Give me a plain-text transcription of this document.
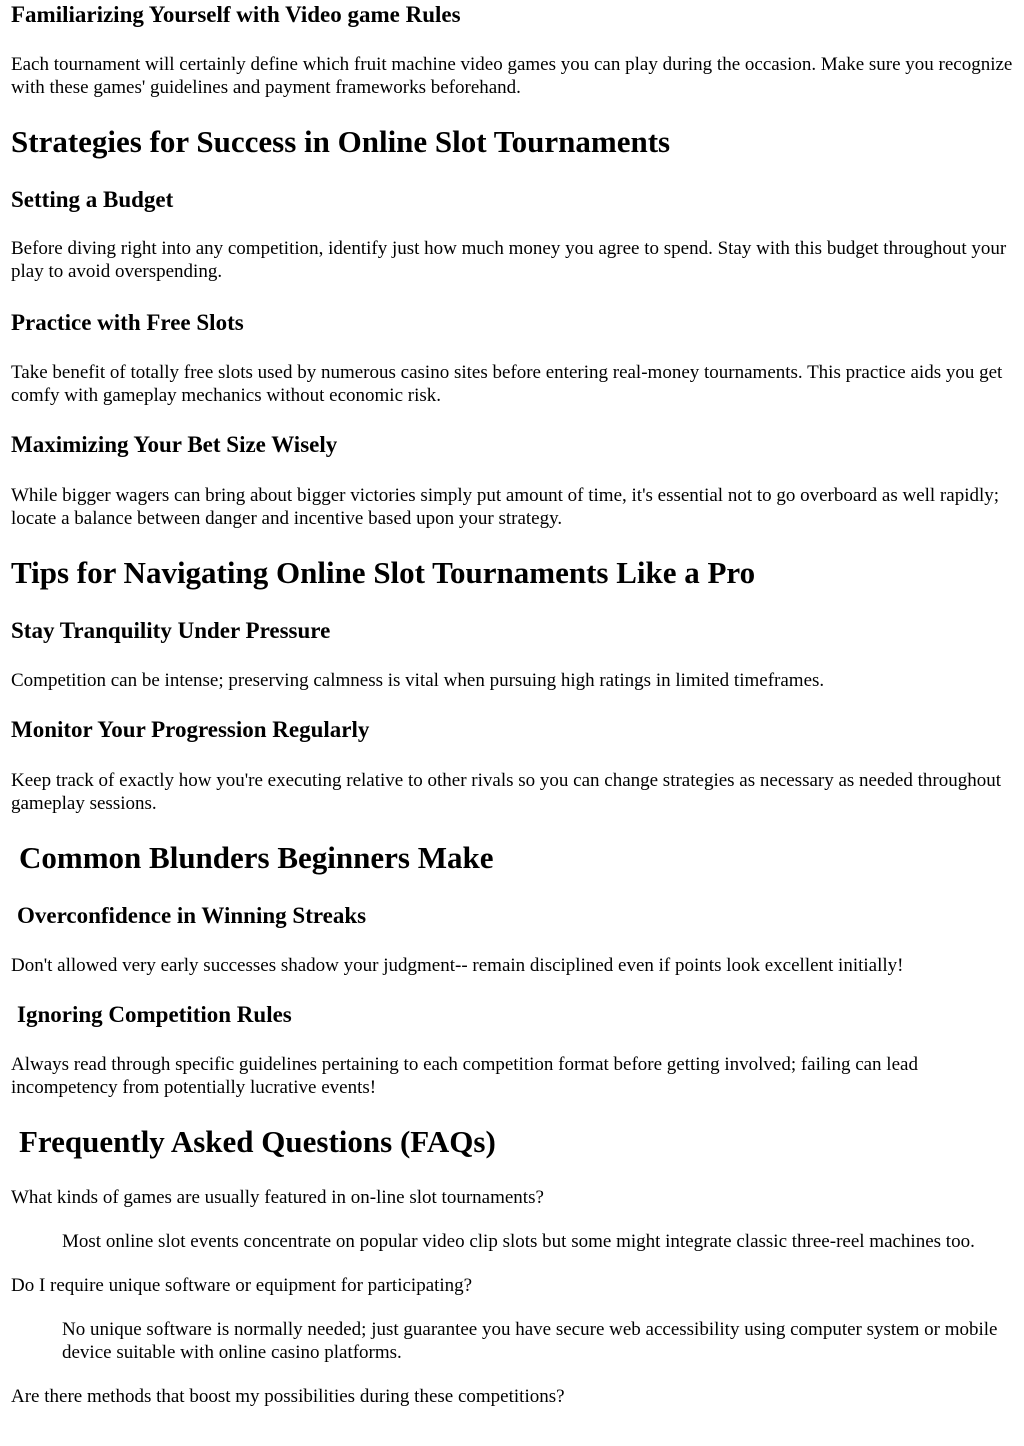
Familiarizing Yourself with Video game Rules

Each tournament will certainly define which fruit machine video games you can play during the occasion. Make sure you recognize with these games' guidelines and payment frameworks beforehand.

Strategies for Success in Online Slot Tournaments
Setting a Budget

Before diving right into any competition, identify just how much money you agree to spend. Stay with this budget throughout your play to avoid overspending.

Practice with Free Slots

Take benefit of totally free slots used by numerous casino sites before entering real-money tournaments. This practice aids you get comfy with gameplay mechanics without economic risk.

Maximizing Your Bet Size Wisely

While bigger wagers can bring about bigger victories simply put amount of time, it's essential not to go overboard as well rapidly; locate a balance between danger and incentive based upon your strategy.

Tips for Navigating Online Slot Tournaments Like a Pro
Stay Tranquility Under Pressure

Competition can be intense; preserving calmness is vital when pursuing high ratings in limited timeframes.

Monitor Your Progression Regularly

Keep track of exactly how you're executing relative to other rivals so you can change strategies as necessary as needed throughout gameplay sessions.

Common Blunders Beginners Make
Overconfidence in Winning Streaks

Don't allowed very early successes shadow your judgment-- remain disciplined even if points look excellent initially!

Ignoring Competition Rules

Always read through specific guidelines pertaining to each competition format before getting involved; failing can lead incompetency from potentially lucrative events!

Frequently Asked Questions (FAQs)
What kinds of games are usually featured in on-line slot tournaments?
Most online slot events concentrate on popular video clip slots but some might integrate classic three-reel machines too.
Do I require unique software or equipment for participating?
No unique software is normally needed; just guarantee you have secure web accessibility using computer system or mobile device suitable with online casino platforms.
Are there methods that boost my possibilities during these competitions?
